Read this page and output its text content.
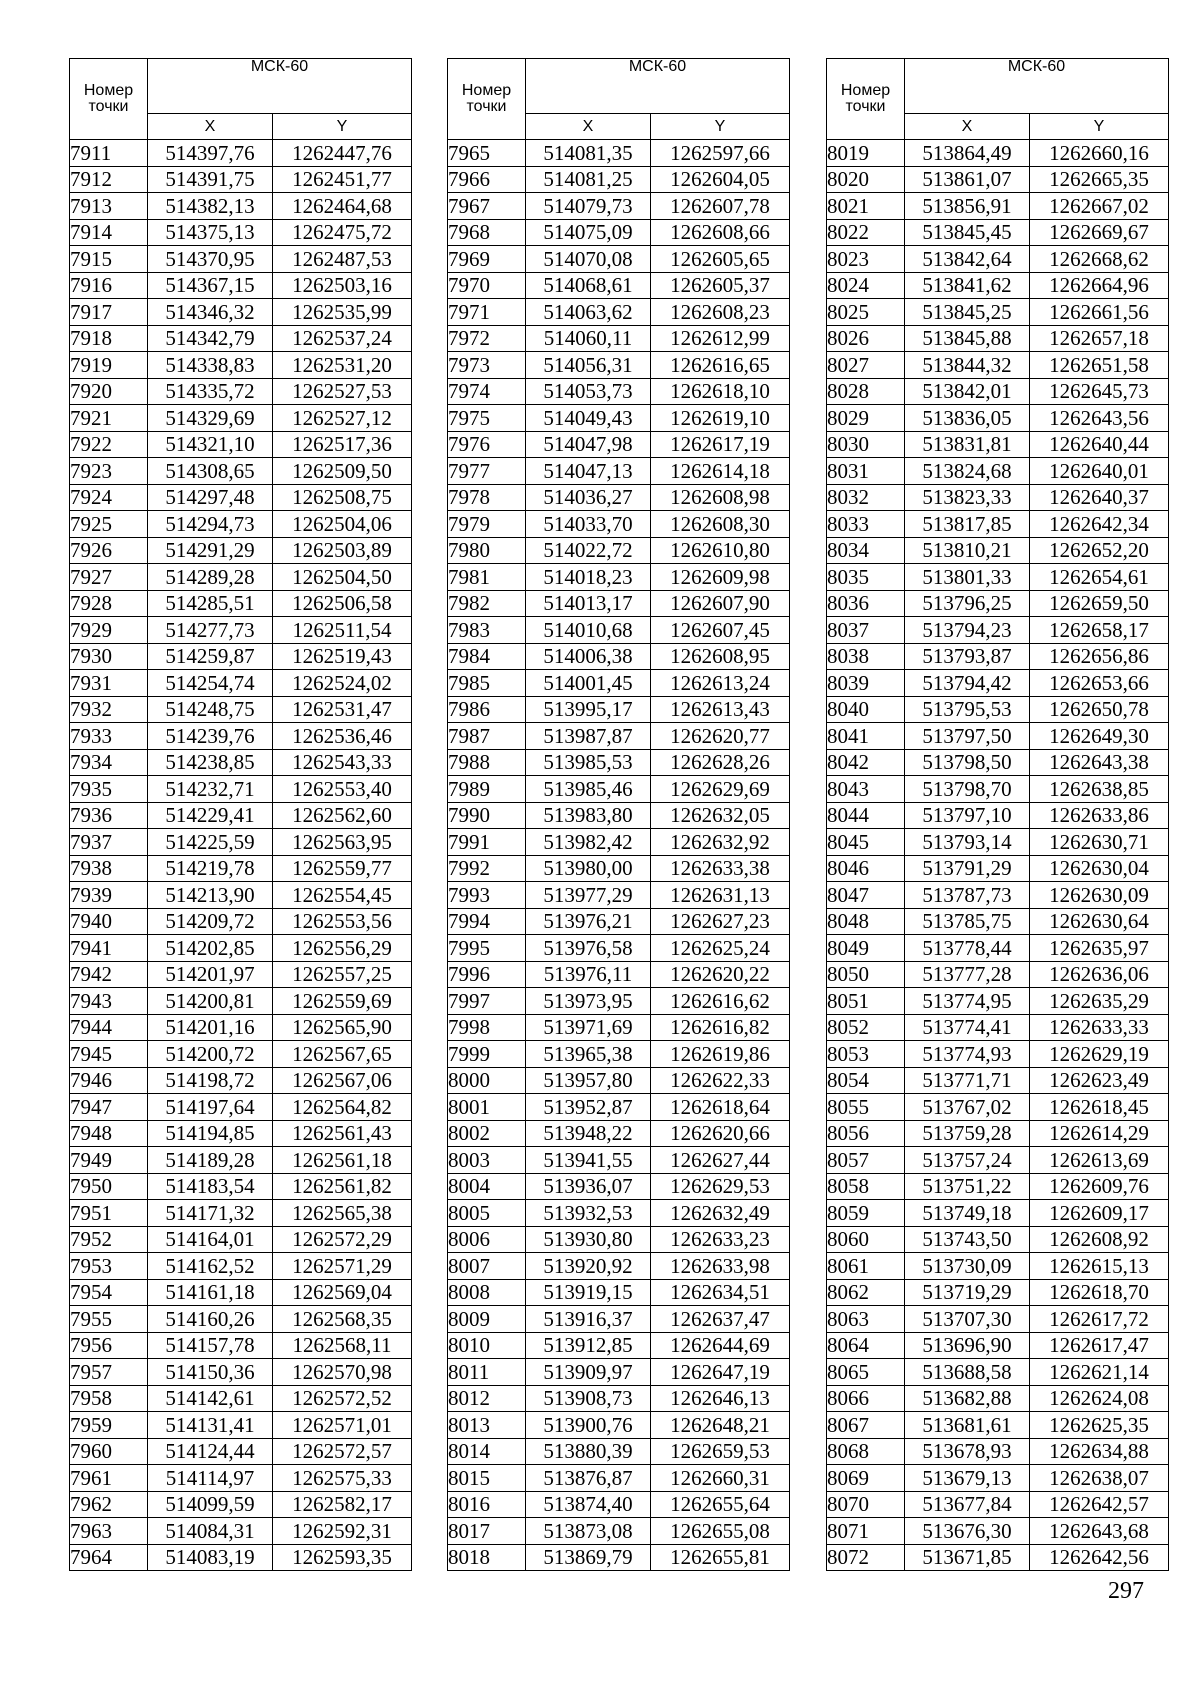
Номер
точки	МСК-60	
	X	Y
7911	514397,76	1262447,76
7912	514391,75	1262451,77
7913	514382,13	1262464,68
7914	514375,13	1262475,72
7915	514370,95	1262487,53
7916	514367,15	1262503,16
7917	514346,32	1262535,99
7918	514342,79	1262537,24
7919	514338,83	1262531,20
7920	514335,72	1262527,53
7921	514329,69	1262527,12
7922	514321,10	1262517,36
7923	514308,65	1262509,50
7924	514297,48	1262508,75
7925	514294,73	1262504,06
7926	514291,29	1262503,89
7927	514289,28	1262504,50
7928	514285,51	1262506,58
7929	514277,73	1262511,54
7930	514259,87	1262519,43
7931	514254,74	1262524,02
7932	514248,75	1262531,47
7933	514239,76	1262536,46
7934	514238,85	1262543,33
7935	514232,71	1262553,40
7936	514229,41	1262562,60
7937	514225,59	1262563,95
7938	514219,78	1262559,77
7939	514213,90	1262554,45
7940	514209,72	1262553,56
7941	514202,85	1262556,29
7942	514201,97	1262557,25
7943	514200,81	1262559,69
7944	514201,16	1262565,90
7945	514200,72	1262567,65
7946	514198,72	1262567,06
7947	514197,64	1262564,82
7948	514194,85	1262561,43
7949	514189,28	1262561,18
7950	514183,54	1262561,82
7951	514171,32	1262565,38
7952	514164,01	1262572,29
7953	514162,52	1262571,29
7954	514161,18	1262569,04
7955	514160,26	1262568,35
7956	514157,78	1262568,11
7957	514150,36	1262570,98
7958	514142,61	1262572,52
7959	514131,41	1262571,01
7960	514124,44	1262572,57
7961	514114,97	1262575,33
7962	514099,59	1262582,17
7963	514084,31	1262592,31
7964	514083,19	1262593,35
Номер
точки	МСК-60	
	X	Y
7965	514081,35	1262597,66
7966	514081,25	1262604,05
7967	514079,73	1262607,78
7968	514075,09	1262608,66
7969	514070,08	1262605,65
7970	514068,61	1262605,37
7971	514063,62	1262608,23
7972	514060,11	1262612,99
7973	514056,31	1262616,65
7974	514053,73	1262618,10
7975	514049,43	1262619,10
7976	514047,98	1262617,19
7977	514047,13	1262614,18
7978	514036,27	1262608,98
7979	514033,70	1262608,30
7980	514022,72	1262610,80
7981	514018,23	1262609,98
7982	514013,17	1262607,90
7983	514010,68	1262607,45
7984	514006,38	1262608,95
7985	514001,45	1262613,24
7986	513995,17	1262613,43
7987	513987,87	1262620,77
7988	513985,53	1262628,26
7989	513985,46	1262629,69
7990	513983,80	1262632,05
7991	513982,42	1262632,92
7992	513980,00	1262633,38
7993	513977,29	1262631,13
7994	513976,21	1262627,23
7995	513976,58	1262625,24
7996	513976,11	1262620,22
7997	513973,95	1262616,62
7998	513971,69	1262616,82
7999	513965,38	1262619,86
8000	513957,80	1262622,33
8001	513952,87	1262618,64
8002	513948,22	1262620,66
8003	513941,55	1262627,44
8004	513936,07	1262629,53
8005	513932,53	1262632,49
8006	513930,80	1262633,23
8007	513920,92	1262633,98
8008	513919,15	1262634,51
8009	513916,37	1262637,47
8010	513912,85	1262644,69
8011	513909,97	1262647,19
8012	513908,73	1262646,13
8013	513900,76	1262648,21
8014	513880,39	1262659,53
8015	513876,87	1262660,31
8016	513874,40	1262655,64
8017	513873,08	1262655,08
8018	513869,79	1262655,81
Номер
точки	МСК-60	
	X	Y
8019	513864,49	1262660,16
8020	513861,07	1262665,35
8021	513856,91	1262667,02
8022	513845,45	1262669,67
8023	513842,64	1262668,62
8024	513841,62	1262664,96
8025	513845,25	1262661,56
8026	513845,88	1262657,18
8027	513844,32	1262651,58
8028	513842,01	1262645,73
8029	513836,05	1262643,56
8030	513831,81	1262640,44
8031	513824,68	1262640,01
8032	513823,33	1262640,37
8033	513817,85	1262642,34
8034	513810,21	1262652,20
8035	513801,33	1262654,61
8036	513796,25	1262659,50
8037	513794,23	1262658,17
8038	513793,87	1262656,86
8039	513794,42	1262653,66
8040	513795,53	1262650,78
8041	513797,50	1262649,30
8042	513798,50	1262643,38
8043	513798,70	1262638,85
8044	513797,10	1262633,86
8045	513793,14	1262630,71
8046	513791,29	1262630,04
8047	513787,73	1262630,09
8048	513785,75	1262630,64
8049	513778,44	1262635,97
8050	513777,28	1262636,06
8051	513774,95	1262635,29
8052	513774,41	1262633,33
8053	513774,93	1262629,19
8054	513771,71	1262623,49
8055	513767,02	1262618,45
8056	513759,28	1262614,29
8057	513757,24	1262613,69
8058	513751,22	1262609,76
8059	513749,18	1262609,17
8060	513743,50	1262608,92
8061	513730,09	1262615,13
8062	513719,29	1262618,70
8063	513707,30	1262617,72
8064	513696,90	1262617,47
8065	513688,58	1262621,14
8066	513682,88	1262624,08
8067	513681,61	1262625,35
8068	513678,93	1262634,88
8069	513679,13	1262638,07
8070	513677,84	1262642,57
8071	513676,30	1262643,68
8072	513671,85	1262642,56
297
